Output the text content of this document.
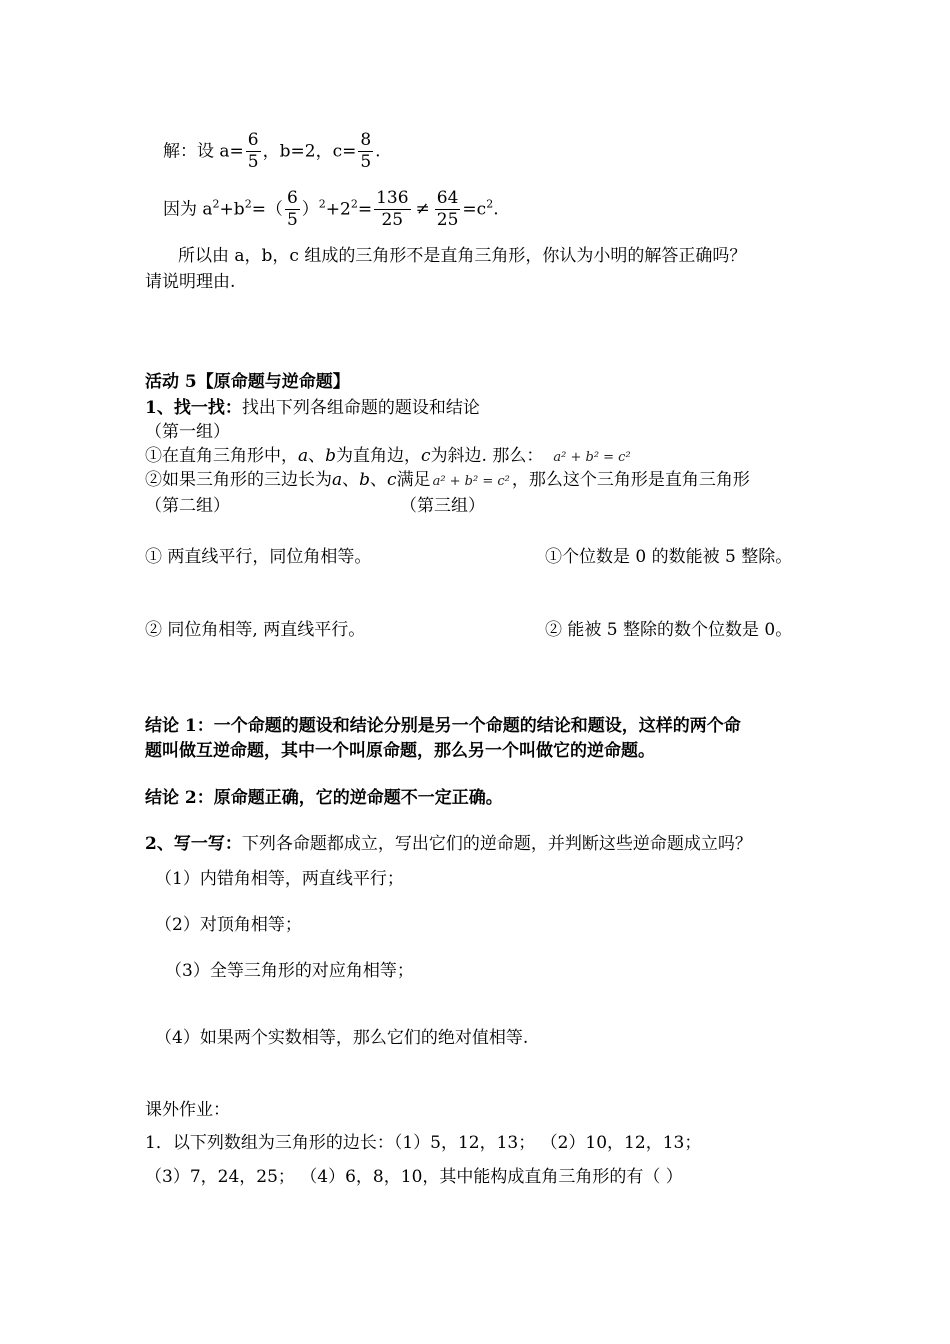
解：设 $a= \frac{6}{5}$ ，b=2，$c= \frac{8}{5}$ .
因为 $a^2+b^2=( \frac{6}{5} )^2+2^2= \frac{136}{25} \ne \frac{64}{25} =c^2$.
所以由 a，b，c 组成的三角形不是直角三角形，你认为小明的解答正确吗？
请说明理由.
活动 5【原命题与逆命题】
1、找一找：找出下列各组命题的题设和结论
（第一组）
①在直角三角形中，a、b为直角边，c为斜边. 那么： a² + b² = c²
②如果三角形的三边长为a、b、c满足 a² + b² = c² ，那么这个三角形是直角三角形
（第二组）	（第三组）
① 两直线平行，同位角相等。	①个位数是 0 的数能被 5 整除。
② 同位角相等, 两直线平行。	② 能被 5 整除的数个位数是 0。
结论 1：一个命题的题设和结论分别是另一个命题的结论和题设，这样的两个命
题叫做互逆命题，其中一个叫原命题，那么另一个叫做它的逆命题。
结论 2：原命题正确，它的逆命题不一定正确。
2、写一写：下列各命题都成立，写出它们的逆命题，并判断这些逆命题成立吗？
（1）内错角相等，两直线平行；
（2）对顶角相等；
（3）全等三角形的对应角相等；
（4）如果两个实数相等，那么它们的绝对值相等.
课外作业：
1．以下列数组为三角形的边长：（1）5，12，13； （2）10，12，13；
（3）7，24，25； （4）6，8，10，其中能构成直角三角形的有（ ）
